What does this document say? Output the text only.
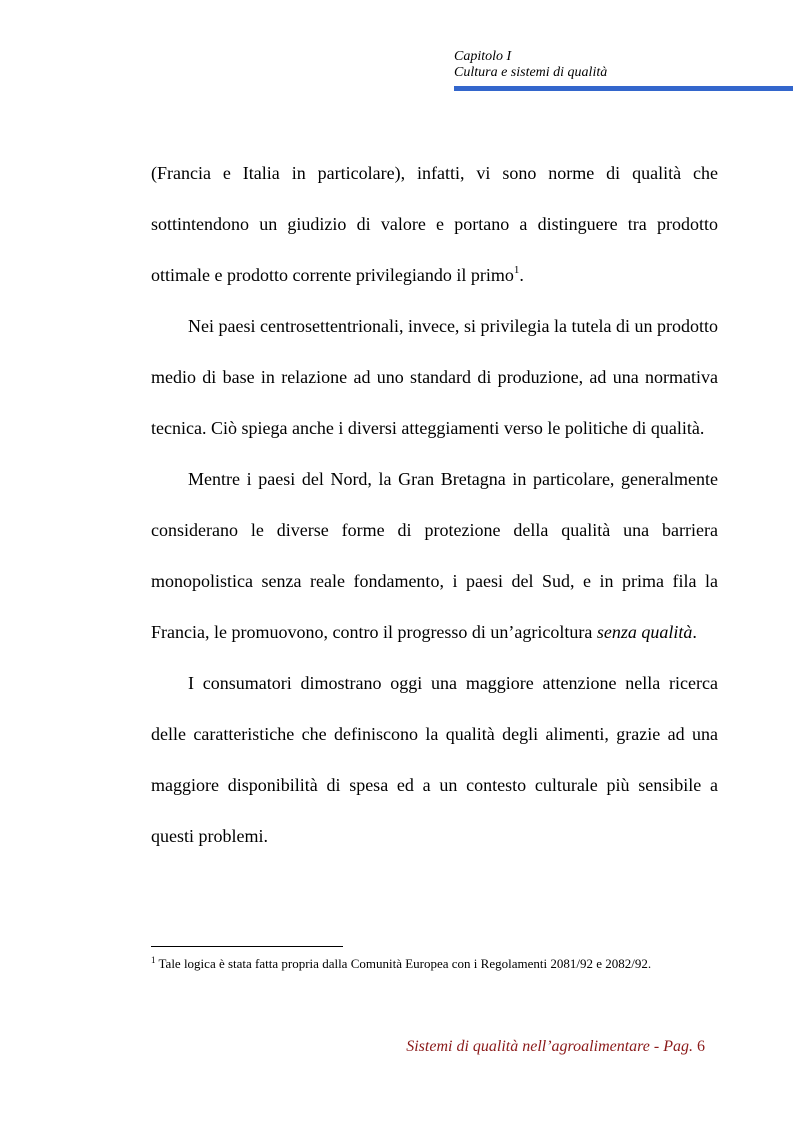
Capitolo I
Cultura e sistemi di qualità

(Francia e Italia in particolare), infatti, vi sono norme di qualità che sottintendono un giudizio di valore e portano a distinguere tra prodotto ottimale e prodotto corrente privilegiando il primo$^1$.

Nei paesi centrosettentrionali, invece, si privilegia la tutela di un prodotto medio di base in relazione ad uno standard di produzione, ad una normativa tecnica. Ciò spiega anche i diversi atteggiamenti verso le politiche di qualità.

Mentre i paesi del Nord, la Gran Bretagna in particolare, generalmente considerano le diverse forme di protezione della qualità una barriera monopolistica senza reale fondamento, i paesi del Sud, e in prima fila la Francia, le promuovono, contro il progresso di un’agricoltura senza qualità.

I consumatori dimostrano oggi una maggiore attenzione nella ricerca delle caratteristiche che definiscono la qualità degli alimenti, grazie ad una maggiore disponibilità di spesa ed a un contesto culturale più sensibile a questi problemi.

$^1$ Tale logica è stata fatta propria dalla Comunità Europea con i Regolamenti 2081/92 e 2082/92.
Sistemi di qualità nell’agroalimentare - Pag. 6
